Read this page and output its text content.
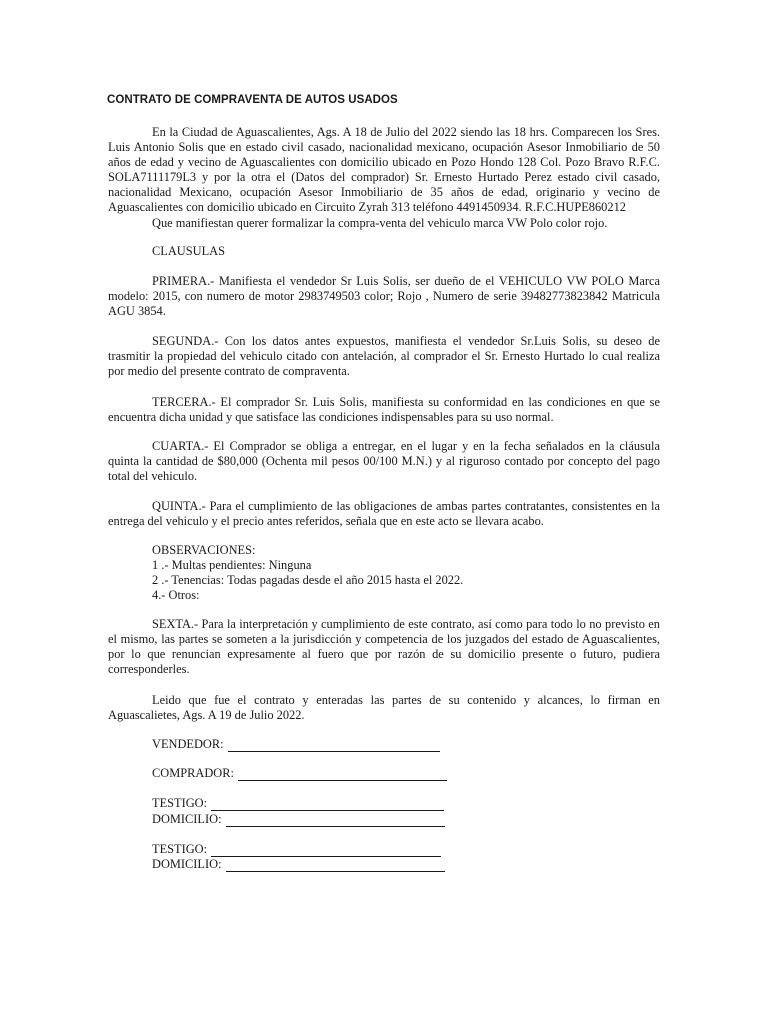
CONTRATO DE COMPRAVENTA DE AUTOS USADOS

En la Ciudad de Aguascalientes, Ags. A 18 de Julio del 2022 siendo las 18 hrs. Comparecen los Sres. Luis Antonio Solis que en estado civil casado, nacionalidad mexicano, ocupación Asesor Inmobiliario de 50 años de edad y vecino de Aguascalientes con domicilio ubicado en Pozo Hondo 128 Col. Pozo Bravo R.F.C. SOLA7111179L3 y por la otra el (Datos del comprador) Sr. Ernesto Hurtado Perez estado civil casado, nacionalidad Mexicano, ocupación Asesor Inmobiliario de 35 años de edad, originario y vecino de Aguascalientes con domicilio ubicado en Circuito Zyrah 313 teléfono 4491450934. R.F.C.HUPE860212

Que manifiestan querer formalizar la compra-venta del vehiculo marca VW Polo color rojo.

CLAUSULAS

PRIMERA.- Manifiesta el vendedor Sr Luis Solis, ser dueño de el VEHICULO VW POLO Marca modelo: 2015, con numero de motor 2983749503 color; Rojo , Numero de serie 39482773823842 Matricula AGU 3854.

SEGUNDA.- Con los datos antes expuestos, manifiesta el vendedor Sr.Luis Solis, su deseo de trasmitir la propiedad del vehiculo citado con antelación, al comprador el Sr. Ernesto Hurtado lo cual realiza por medio del presente contrato de compraventa.

TERCERA.- El comprador Sr. Luis Solis, manifiesta su conformidad en las condiciones en que se encuentra dicha unidad y que satisface las condiciones indispensables para su uso normal.

CUARTA.- El Comprador se obliga a entregar, en el lugar y en la fecha señalados en la cláusula quinta la cantidad de $80,000 (Ochenta mil pesos 00/100 M.N.) y al riguroso contado por concepto del pago total del vehiculo.

QUINTA.- Para el cumplimiento de las obligaciones de ambas partes contratantes, consistentes en la entrega del vehiculo y el precio antes referidos, señala que en este acto se llevara acabo.

OBSERVACIONES:
1 .- Multas pendientes: Ninguna
2 .- Tenencias: Todas pagadas desde el año 2015 hasta el 2022.
4.- Otros:

SEXTA.- Para la interpretación y cumplimiento de este contrato, así como para todo lo no previsto en el mismo, las partes se someten a la jurisdicción y competencia de los juzgados del estado de Aguascalientes, por lo que renuncian expresamente al fuero que por razón de su domicilio presente o futuro, pudiera corresponderles.

Leido que fue el contrato y enteradas las partes de su contenido y alcances, lo firman en Aguascalietes, Ags. A 19 de Julio 2022.

VENDEDOR:
COMPRADOR:
TESTIGO:
DOMICILIO:
TESTIGO:
DOMICILIO:
